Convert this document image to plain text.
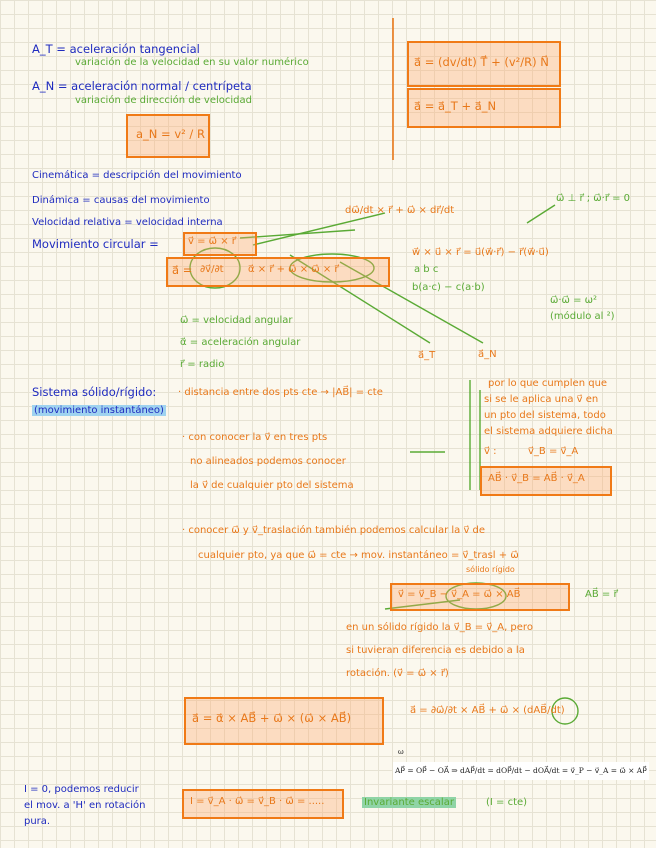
A_T = aceleración tangencial
variación de la velocidad en su valor numérico
A_N = aceleración normal / centrípeta
variación de dirección de velocidad
a_N = v² / R
a⃗ = (dv/dt) T⃗ + (v²/R) N⃗
a⃗ = a⃗_T + a⃗_N
Cinemática = descripción del movimiento
Dinámica = causas del movimiento
Velocidad relativa = velocidad interna
Movimiento circular =	v⃗ = ω⃗ × r⃗
dω⃗/dt × r⃗ + ω⃗ × dr⃗/dt
a⃗ = ∂v⃗/∂t α⃗ × r⃗ + ω⃗ × ω⃗ × r⃗
w⃗ × u⃗ × r⃗ = u⃗(w⃗·r⃗) − r⃗(w⃗·u⃗)
a b c
b(a·c) − c(a·b)
ω⃗ ⊥ r⃗ ; ω⃗·r⃗ = 0
ω⃗·ω⃗ = ω²
(módulo al ²)
ω⃗ = velocidad angular
α⃗ = aceleración angular
r⃗ = radio
a⃗_T	a⃗_N
Sistema sólido/rígido:
(movimiento instantáneo)
· distancia entre dos pts cte → |AB⃗| = cte
· con conocer la v⃗ en tres pts
no alineados podemos conocer
la v⃗ de cualquier pto del sistema
por lo que cumplen que
si se le aplica una v⃗ en
un pto del sistema, todo
el sistema adquiere dicha
v⃗ :	v⃗_B = v⃗_A
AB⃗ · v⃗_B = AB⃗ · v⃗_A
· conocer ω⃗ y v⃗_traslación también podemos calcular la v⃗ de
cualquier pto, ya que ω⃗ = cte → mov. instantáneo = v⃗_trasl + ω⃗
sólido rígido
v⃗ = v⃗_B − v⃗_A = ω⃗ × AB⃗	AB⃗ = r⃗
en un sólido rígido la v⃗_B = v⃗_A, pero
si tuvieran diferencia es debido a la
rotación. (v⃗ = ω⃗ × r⃗)
a⃗ = α⃗ × AB⃗ + ω⃗ × (ω⃗ × AB⃗)
a⃗ = ∂ω⃗/∂t × AB⃗ + ω⃗ × (dAB⃗/dt)
ω
AP⃗ = OP⃗ − OA⃗ ⇒ dAP⃗/dt = dOP⃗/dt − dOA⃗/dt = v⃗_P − v⃗_A = ω⃗ × AP⃗
I = 0, podemos reducir
el mov. a 'H' en rotación
pura.
I = v⃗_A · ω⃗ = v⃗_B · ω⃗ = .....	Invariante escalar	(I = cte)
